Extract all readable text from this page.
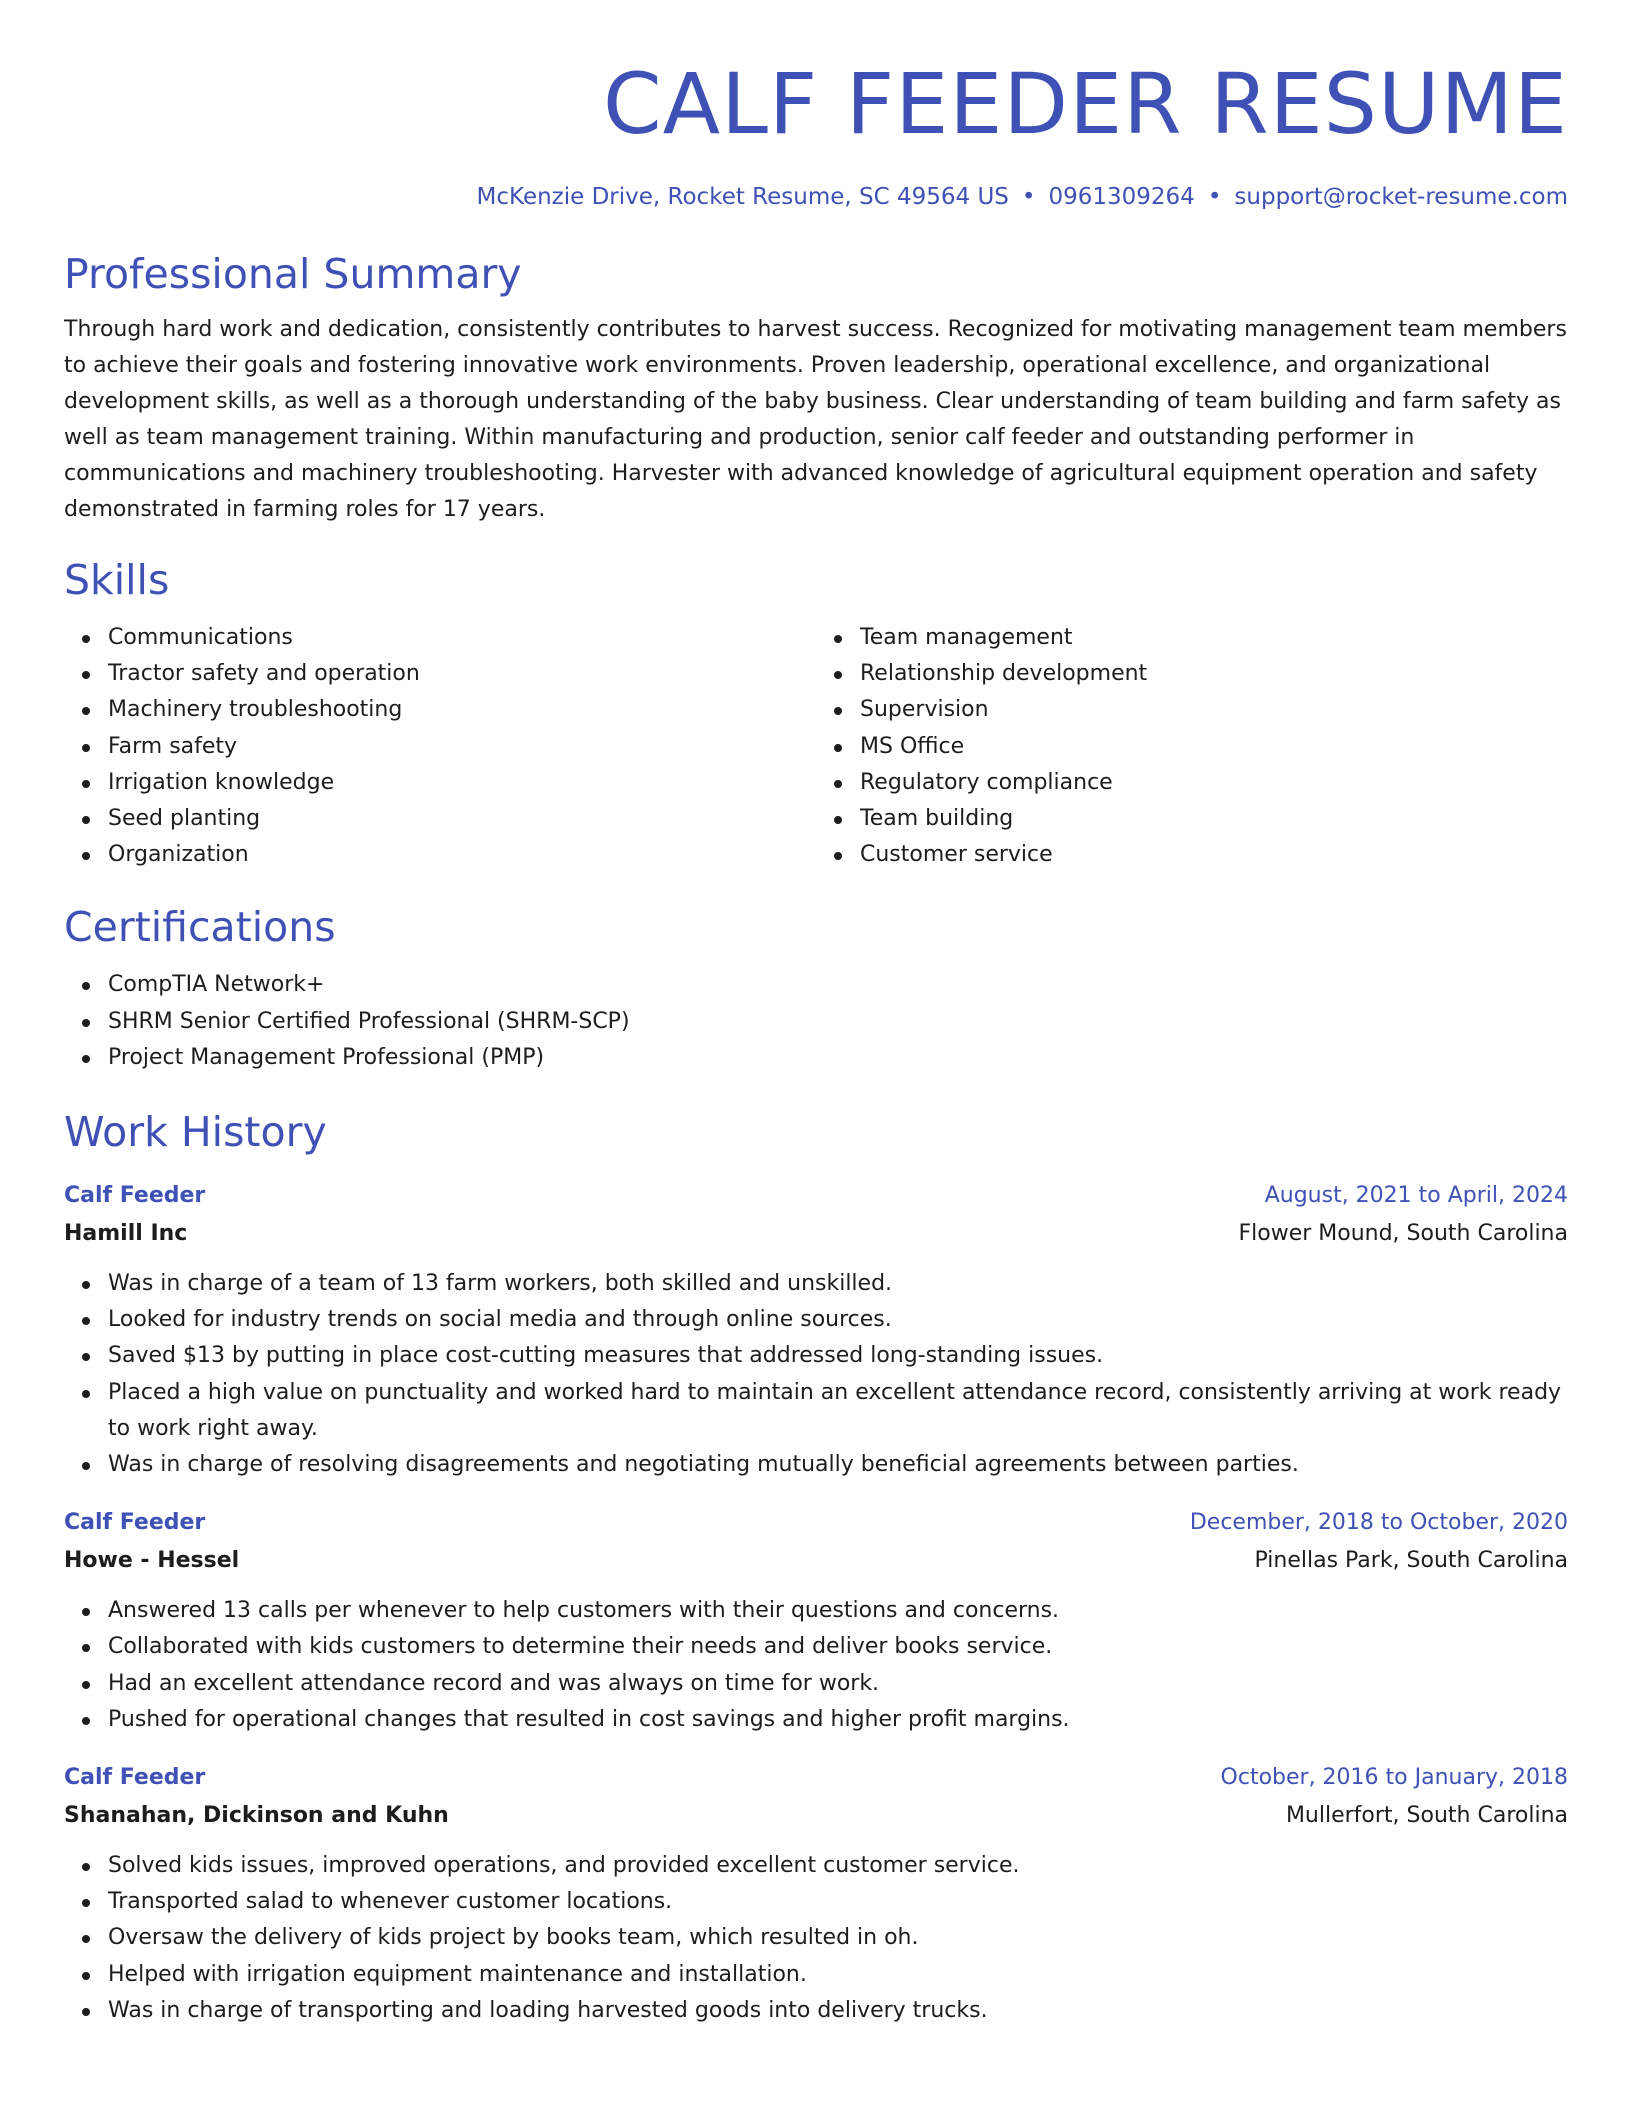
CALF FEEDER RESUME
McKenzie Drive, Rocket Resume, SC 49564 US • 0961309264 • support@rocket-resume.com
Professional Summary

Through hard work and dedication, consistently contributes to harvest success. Recognized for motivating management team members to achieve their goals and fostering innovative work environments. Proven leadership, operational excellence, and organizational development skills, as well as a thorough understanding of the baby business. Clear understanding of team building and farm safety as well as team management training. Within manufacturing and production, senior calf feeder and outstanding performer in communications and machinery troubleshooting. Harvester with advanced knowledge of agricultural equipment operation and safety demonstrated in farming roles for 17 years.

Skills
Communications
Tractor safety and operation
Machinery troubleshooting
Farm safety
Irrigation knowledge
Seed planting
Organization
Team management
Relationship development
Supervision
MS Office
Regulatory compliance
Team building
Customer service
Certifications
CompTIA Network+
SHRM Senior Certified Professional (SHRM-SCP)
Project Management Professional (PMP)
Work History
Calf Feeder	August, 2021 to April, 2024
Hamill Inc	Flower Mound, South Carolina
Was in charge of a team of 13 farm workers, both skilled and unskilled.
Looked for industry trends on social media and through online sources.
Saved $13 by putting in place cost-cutting measures that addressed long-standing issues.
Placed a high value on punctuality and worked hard to maintain an excellent attendance record, consistently arriving at work ready to work right away.
Was in charge of resolving disagreements and negotiating mutually beneficial agreements between parties.
Calf Feeder	December, 2018 to October, 2020
Howe - Hessel	Pinellas Park, South Carolina
Answered 13 calls per whenever to help customers with their questions and concerns.
Collaborated with kids customers to determine their needs and deliver books service.
Had an excellent attendance record and was always on time for work.
Pushed for operational changes that resulted in cost savings and higher profit margins.
Calf Feeder	October, 2016 to January, 2018
Shanahan, Dickinson and Kuhn	Mullerfort, South Carolina
Solved kids issues, improved operations, and provided excellent customer service.
Transported salad to whenever customer locations.
Oversaw the delivery of kids project by books team, which resulted in oh.
Helped with irrigation equipment maintenance and installation.
Was in charge of transporting and loading harvested goods into delivery trucks.
